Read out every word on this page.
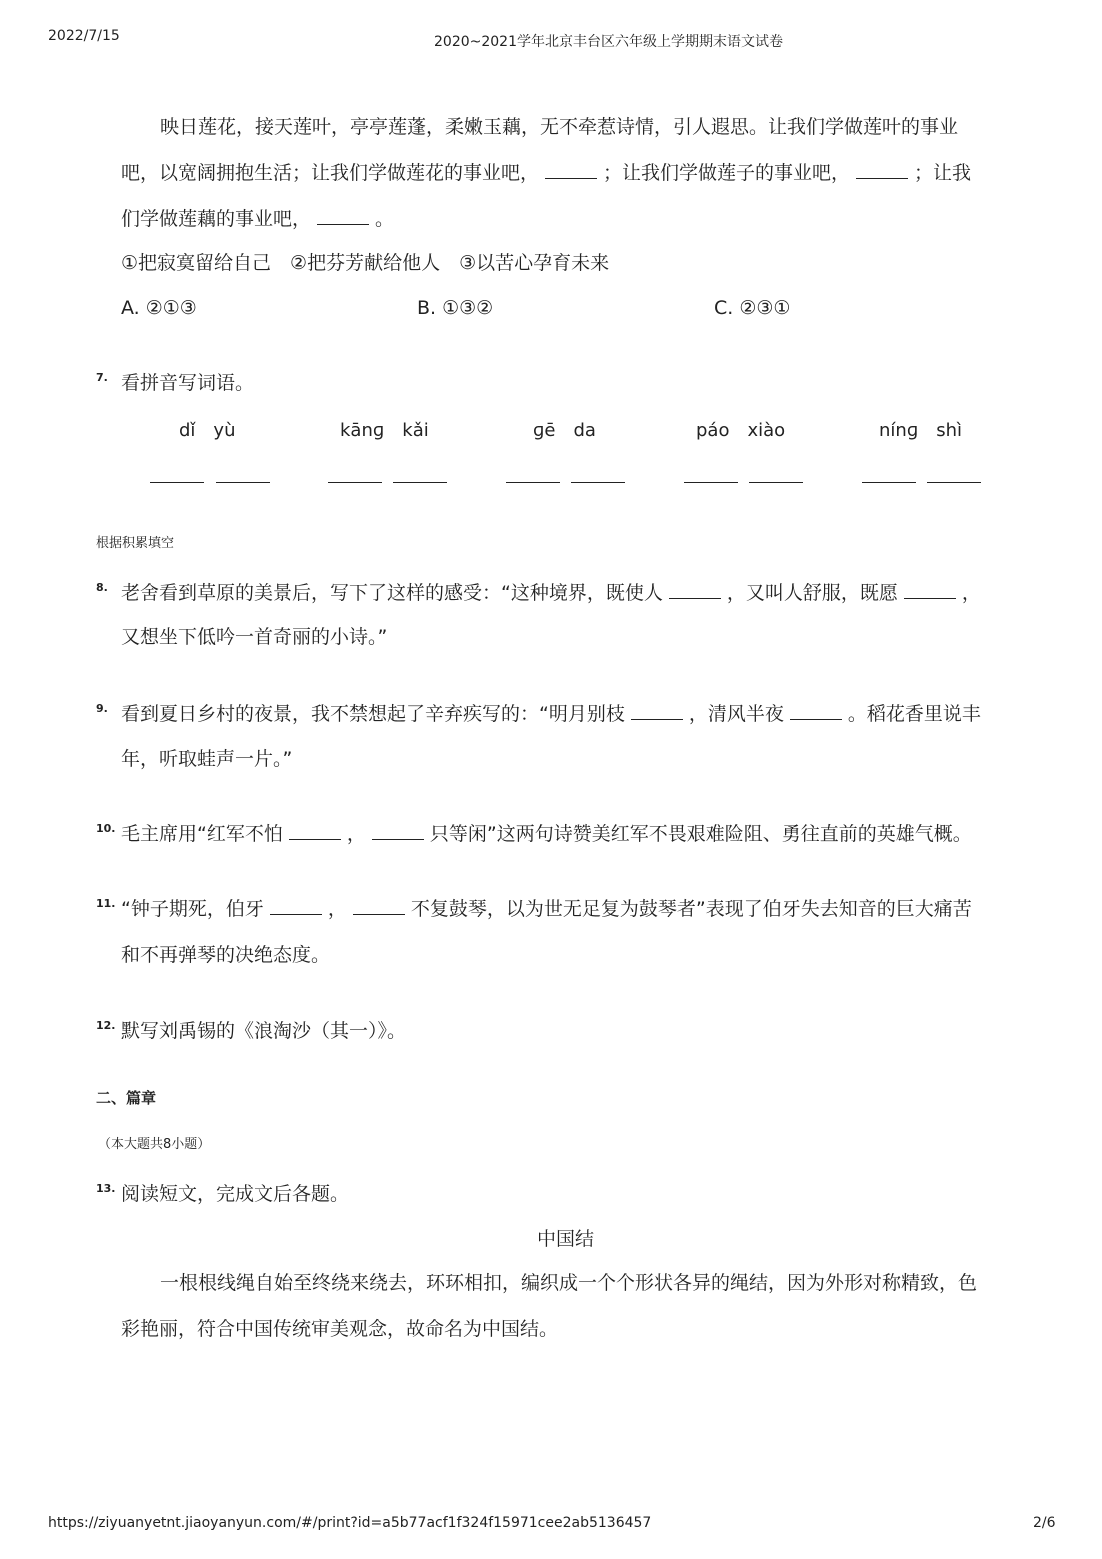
2022/7/15	2020~2021学年北京丰台区六年级上学期期末语文试卷
映日莲花，接天莲叶，亭亭莲蓬，柔嫩玉藕，无不牵惹诗情，引人遐思。让我们学做莲叶的事业
吧，以宽阔拥抱生活；让我们学做莲花的事业吧，	；让我们学做莲子的事业吧，	；让我
们学做莲藕的事业吧，	。
①把寂寞留给自己　②把芬芳献给他人　③以苦心孕育未来
A. ②①③	B. ①③②	C. ②③①
7. 看拼音写词语。
dǐ　yù	kānɡ　kǎi	ɡē　da	páo　xiào	nínɡ　shì
根据积累填空
8. 老舍看到草原的美景后，写下了这样的感受：“这种境界，既使人	，又叫人舒服，既愿	，
又想坐下低吟一首奇丽的小诗。”
9. 看到夏日乡村的夜景，我不禁想起了辛弃疾写的：“明月别枝	，清风半夜	。稻花香里说丰
年，听取蛙声一片。”
10. 毛主席用“红军不怕	，	只等闲”这两句诗赞美红军不畏艰难险阻、勇往直前的英雄气概。
11. “钟子期死，伯牙	，	不复鼓琴，以为世无足复为鼓琴者”表现了伯牙失去知音的巨大痛苦
和不再弹琴的决绝态度。
12. 默写刘禹锡的《浪淘沙（其一）》。
二、篇章
（本大题共8小题）
13. 阅读短文，完成文后各题。
中国结
一根根线绳自始至终绕来绕去，环环相扣，编织成一个个形状各异的绳结，因为外形对称精致，色
彩艳丽，符合中国传统审美观念，故命名为中国结。
https://ziyuanyetnt.jiaoyanyun.com/#/print?id=a5b77acf1f324f15971cee2ab5136457	2/6
